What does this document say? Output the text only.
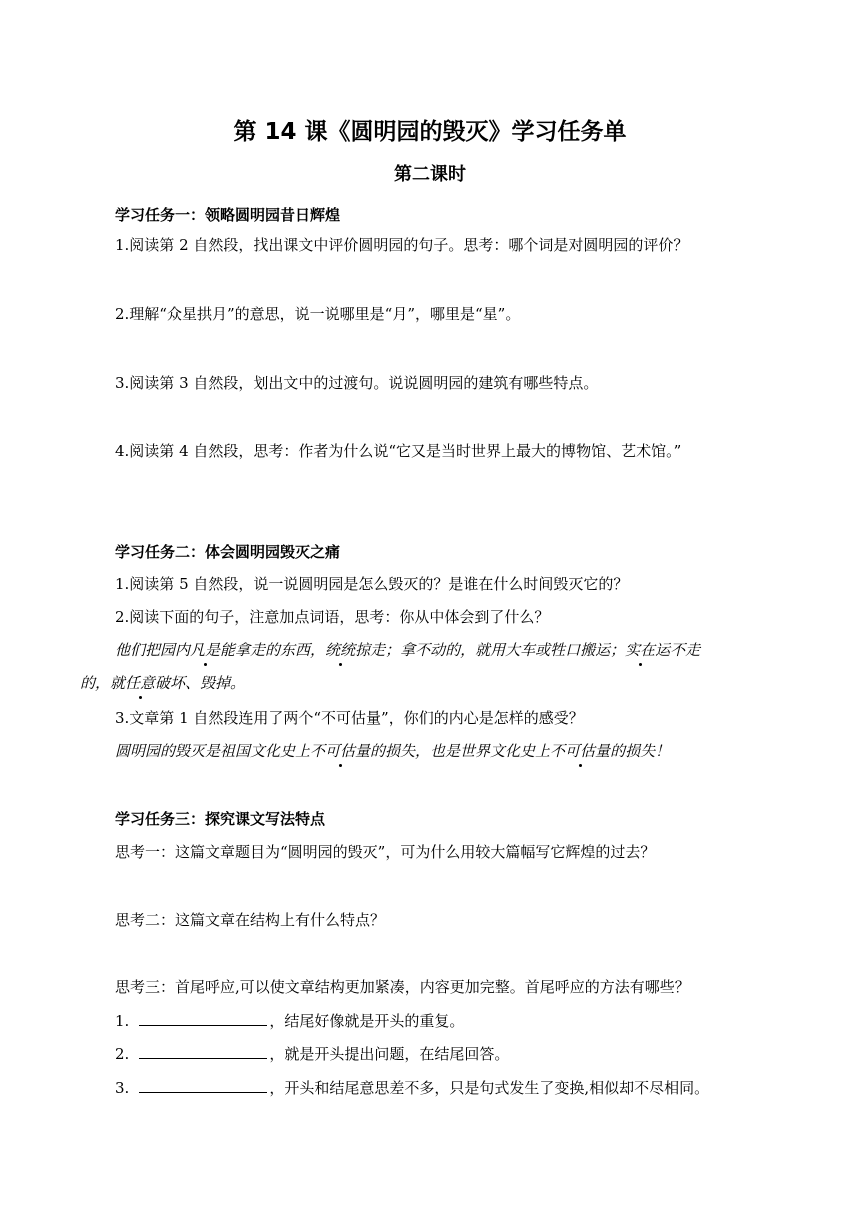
第 14 课《圆明园的毁灭》学习任务单
第二课时
学习任务一：领略圆明园昔日辉煌
1.阅读第 2 自然段，找出课文中评价圆明园的句子。思考：哪个词是对圆明园的评价？
2.理解“众星拱月”的意思，说一说哪里是“月”，哪里是“星”。
3.阅读第 3 自然段，划出文中的过渡句。说说圆明园的建筑有哪些特点。
4.阅读第 4 自然段，思考：作者为什么说“它又是当时世界上最大的博物馆、艺术馆。”
学习任务二：体会圆明园毁灭之痛
1.阅读第 5 自然段，说一说圆明园是怎么毁灭的？是谁在什么时间毁灭它的？
2.阅读下面的句子，注意加点词语，思考：你从中体会到了什么？
他们把园内凡是能拿走的东西，统统掠走；拿不动的，就用大车或牲口搬运；实在运不走
的，就任意破坏、毁掉。
3.文章第 1 自然段连用了两个“不可估量”，你们的内心是怎样的感受？
圆明园的毁灭是祖国文化史上不可估量的损失，也是世界文化史上不可估量的损失！
学习任务三：探究课文写法特点
思考一：这篇文章题目为“圆明园的毁灭”，可为什么用较大篇幅写它辉煌的过去？
思考二：这篇文章在结构上有什么特点？
思考三：首尾呼应,可以使文章结构更加紧凑，内容更加完整。首尾呼应的方法有哪些？
1.	，结尾好像就是开头的重复。
2.	，就是开头提出问题，在结尾回答。
3.	，开头和结尾意思差不多，只是句式发生了变换,相似却不尽相同。
